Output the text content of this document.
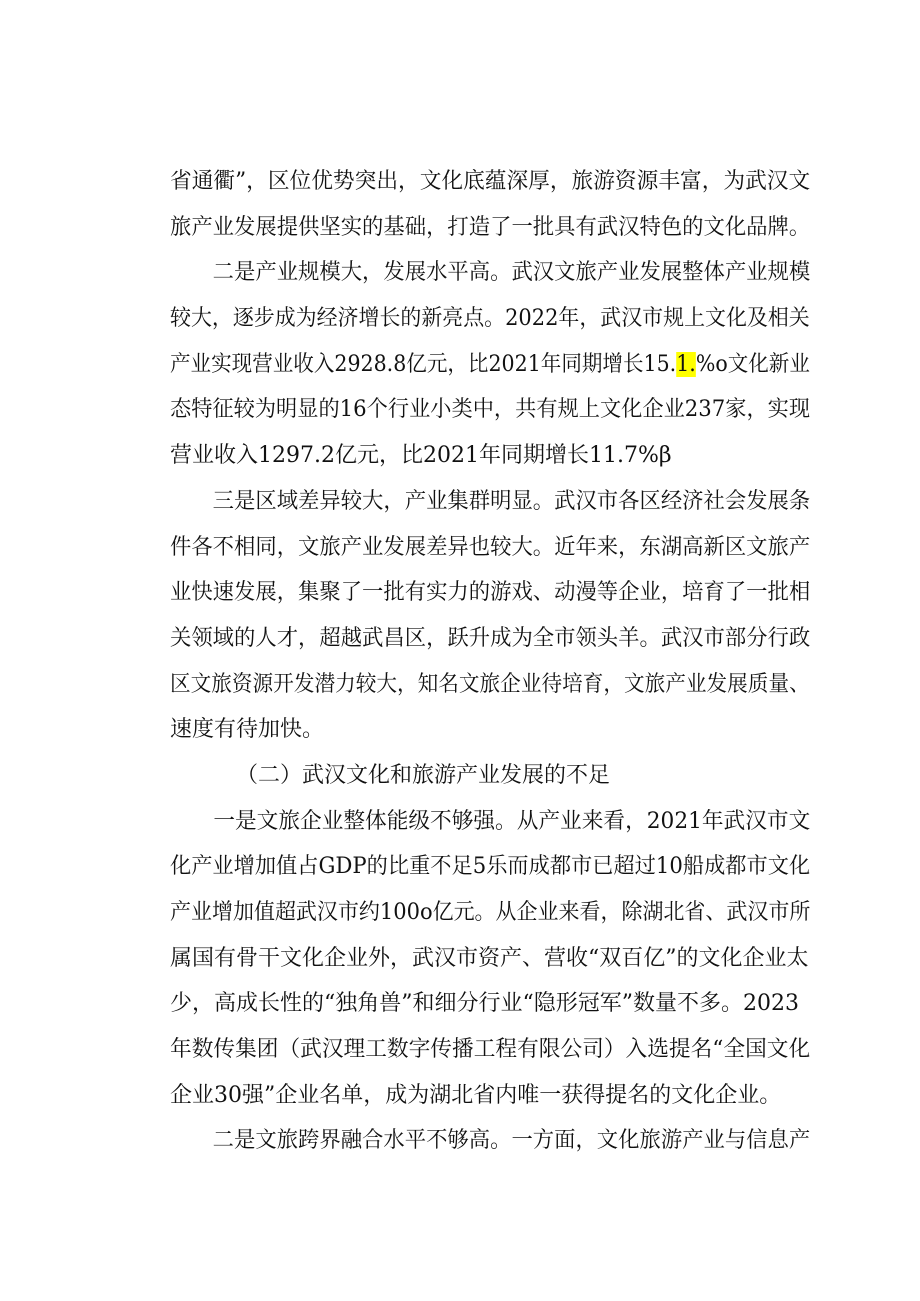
省通衢”，区位优势突出，文化底蕴深厚，旅游资源丰富，为武汉文
旅产业发展提供坚实的基础，打造了一批具有武汉特色的文化品牌。
二是产业规模大，发展水平高。武汉文旅产业发展整体产业规模
较大，逐步成为经济增长的新亮点。2022年，武汉市规上文化及相关
产业实现营业收入2928.8亿元，比2021年同期增长15.1.%o文化新业
态特征较为明显的16个行业小类中，共有规上文化企业237家，实现
营业收入1297.2亿元，比2021年同期增长11.7%β
三是区域差异较大，产业集群明显。武汉市各区经济社会发展条
件各不相同，文旅产业发展差异也较大。近年来，东湖高新区文旅产
业快速发展，集聚了一批有实力的游戏、动漫等企业，培育了一批相
关领域的人才，超越武昌区，跃升成为全市领头羊。武汉市部分行政
区文旅资源开发潜力较大，知名文旅企业待培育，文旅产业发展质量、
速度有待加快。
（二）武汉文化和旅游产业发展的不足
一是文旅企业整体能级不够强。从产业来看，2021年武汉市文
化产业增加值占GDP的比重不足5乐而成都市已超过10船成都市文化
产业增加值超武汉市约100o亿元。从企业来看，除湖北省、武汉市所
属国有骨干文化企业外，武汉市资产、营收“双百亿”的文化企业太
少，高成长性的“独角兽”和细分行业“隐形冠军”数量不多。2023
年数传集团（武汉理工数字传播工程有限公司）入选提名“全国文化
企业30强”企业名单，成为湖北省内唯一获得提名的文化企业。
二是文旅跨界融合水平不够高。一方面，文化旅游产业与信息产
